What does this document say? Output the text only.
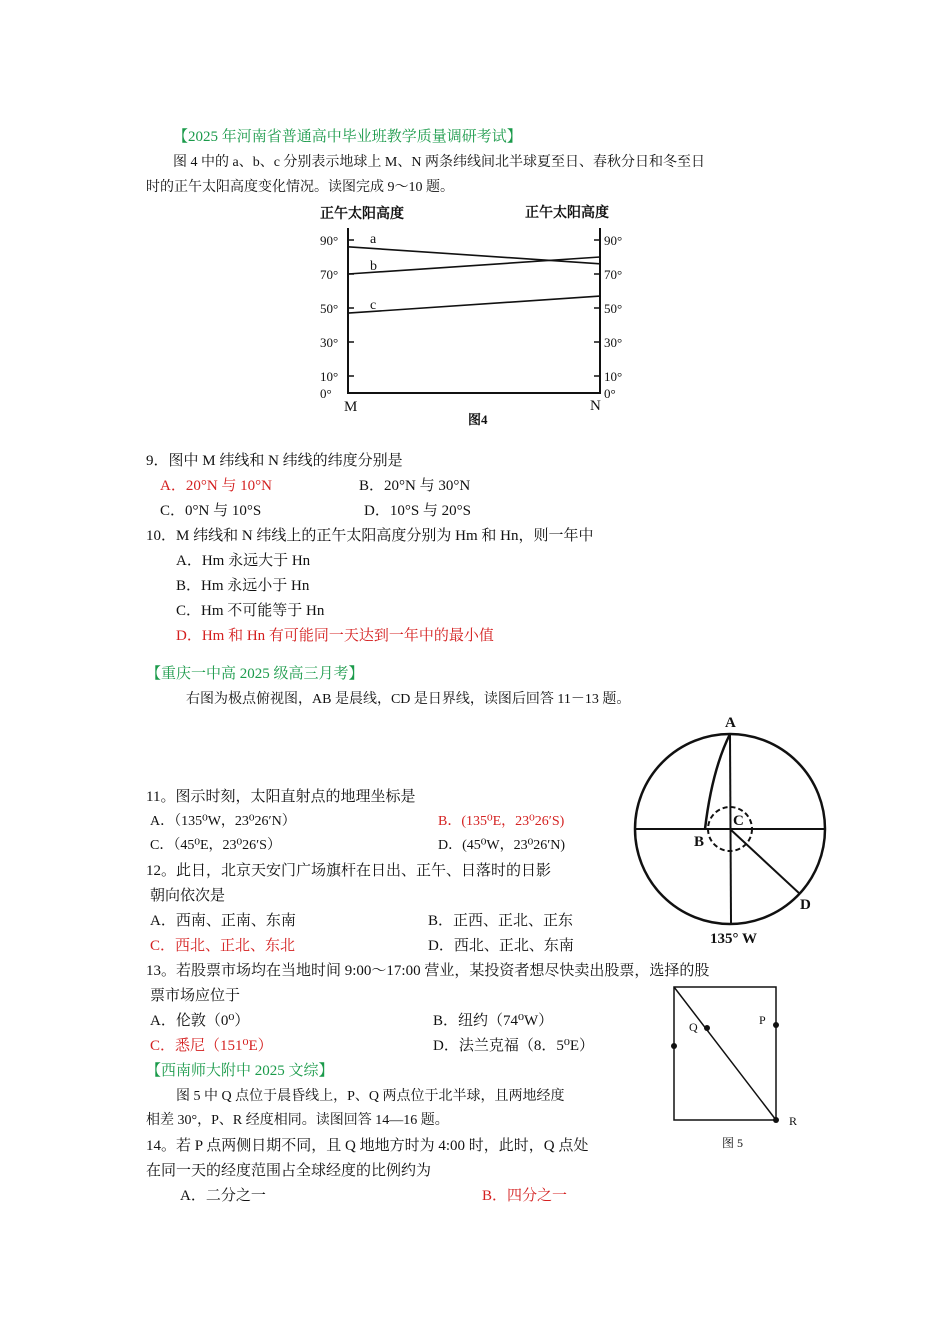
【2025 年河南省普通高中毕业班教学质量调研考试】
图 4 中的 a、b、c 分别表示地球上 M、N 两条纬线间北半球夏至日、春秋分日和冬至日
时的正午太阳高度变化情况。读图完成 9～10 题。
正午太阳高度	正午太阳高度
90°	90°
70°	70°
50°	50°
30°	30°
10°	10°
0°	0°
a
b
c
M	N
图4
9．图中 M 纬线和 N 纬线的纬度分别是
A．20°N 与 10°N	B．20°N 与 30°N
C．0°N 与 10°S	D．10°S 与 20°S
10．M 纬线和 N 纬线上的正午太阳高度分别为 Hm 和 Hn，则一年中
A．Hm 永远大于 Hn
B．Hm 永远小于 Hn
C．Hm 不可能等于 Hn
D．Hm 和 Hn 有可能同一天达到一年中的最小值
【重庆一中高 2025 级高三月考】
右图为极点俯视图，AB 是晨线，CD 是日界线，读图后回答 11－13 题。
A
B
C
D
135° W
11。图示时刻，太阳直射点的地理坐标是
A．（135⁰W，23⁰26′N）	B．(135⁰E，23⁰26′S)
C．（45⁰E，23⁰26′S）	D．(45⁰W，23⁰26′N)
12。此日，北京天安门广场旗杆在日出、正午、日落时的日影
朝向依次是
A．西南、正南、东南	B．正西、正北、正东
C．西北、正北、东北	D．西北、正北、东南
13。若股票市场均在当地时间 9:00～17:00 营业，某投资者想尽快卖出股票，选择的股
票市场应位于
A．伦敦（0⁰）	B．纽约（74⁰W）
C．悉尼（151⁰E）	D．法兰克福（8．5⁰E）
【西南师大附中 2025 文综】
图 5 中 Q 点位于晨昏线上，P、Q 两点位于北半球，且两地经度
相差 30°，P、R 经度相同。读图回答 14—16 题。
Q	P
R
图 5
14。若 P 点两侧日期不同，且 Q 地地方时为 4:00 时，此时，Q 点处
在同一天的经度范围占全球经度的比例约为
A．二分之一	B．四分之一
